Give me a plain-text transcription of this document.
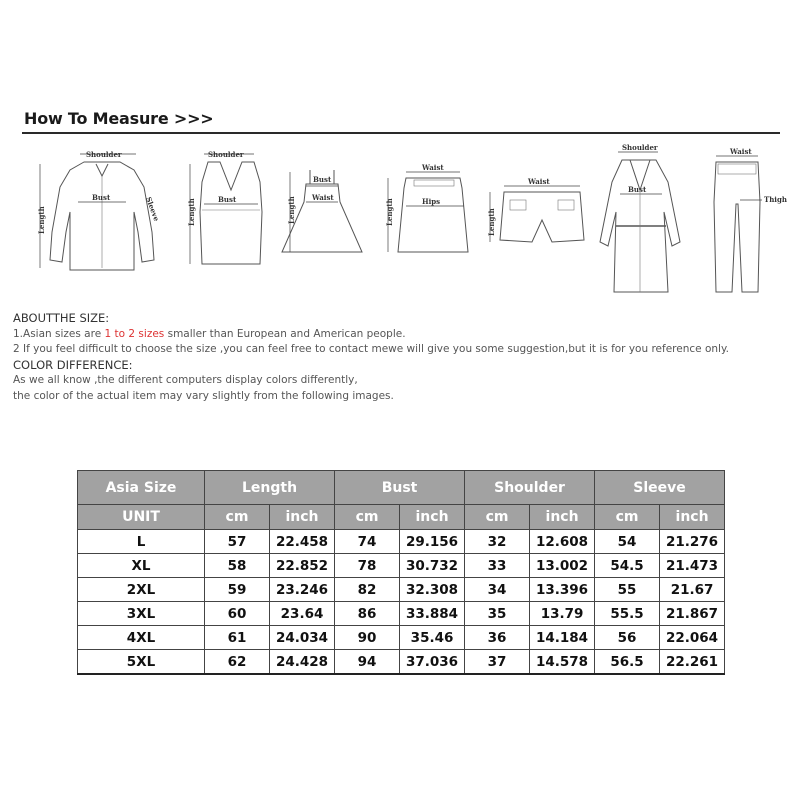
How To Measure >>>
Shoulder
Bust
Length	Sleeve
Shoulder
Bust
Length
Bust
Waist
Length
Waist
Hips
Length
Waist
Length
Shoulder
Bust
Waist
Thigh
ABOUTTHE SIZE:
1.Asian sizes are 1 to 2 sizes smaller than European and American people.
2 If you feel difficult to choose the size ,you can feel free to contact mewe will give you some suggestion,but it is for you reference only.
COLOR DIFFERENCE:
As we all know ,the different computers display colors differently,
the color of the actual item may vary slightly from the following images.
Asia Size	Length		Bust		Shoulder		Sleeve	
UNIT	cm	inch	cm	inch	cm	inch	cm	inch
L	57	22.458	74	29.156	32	12.608	54	21.276
XL	58	22.852	78	30.732	33	13.002	54.5	21.473
2XL	59	23.246	82	32.308	34	13.396	55	21.67
3XL	60	23.64	86	33.884	35	13.79	55.5	21.867
4XL	61	24.034	90	35.46	36	14.184	56	22.064
5XL	62	24.428	94	37.036	37	14.578	56.5	22.261
